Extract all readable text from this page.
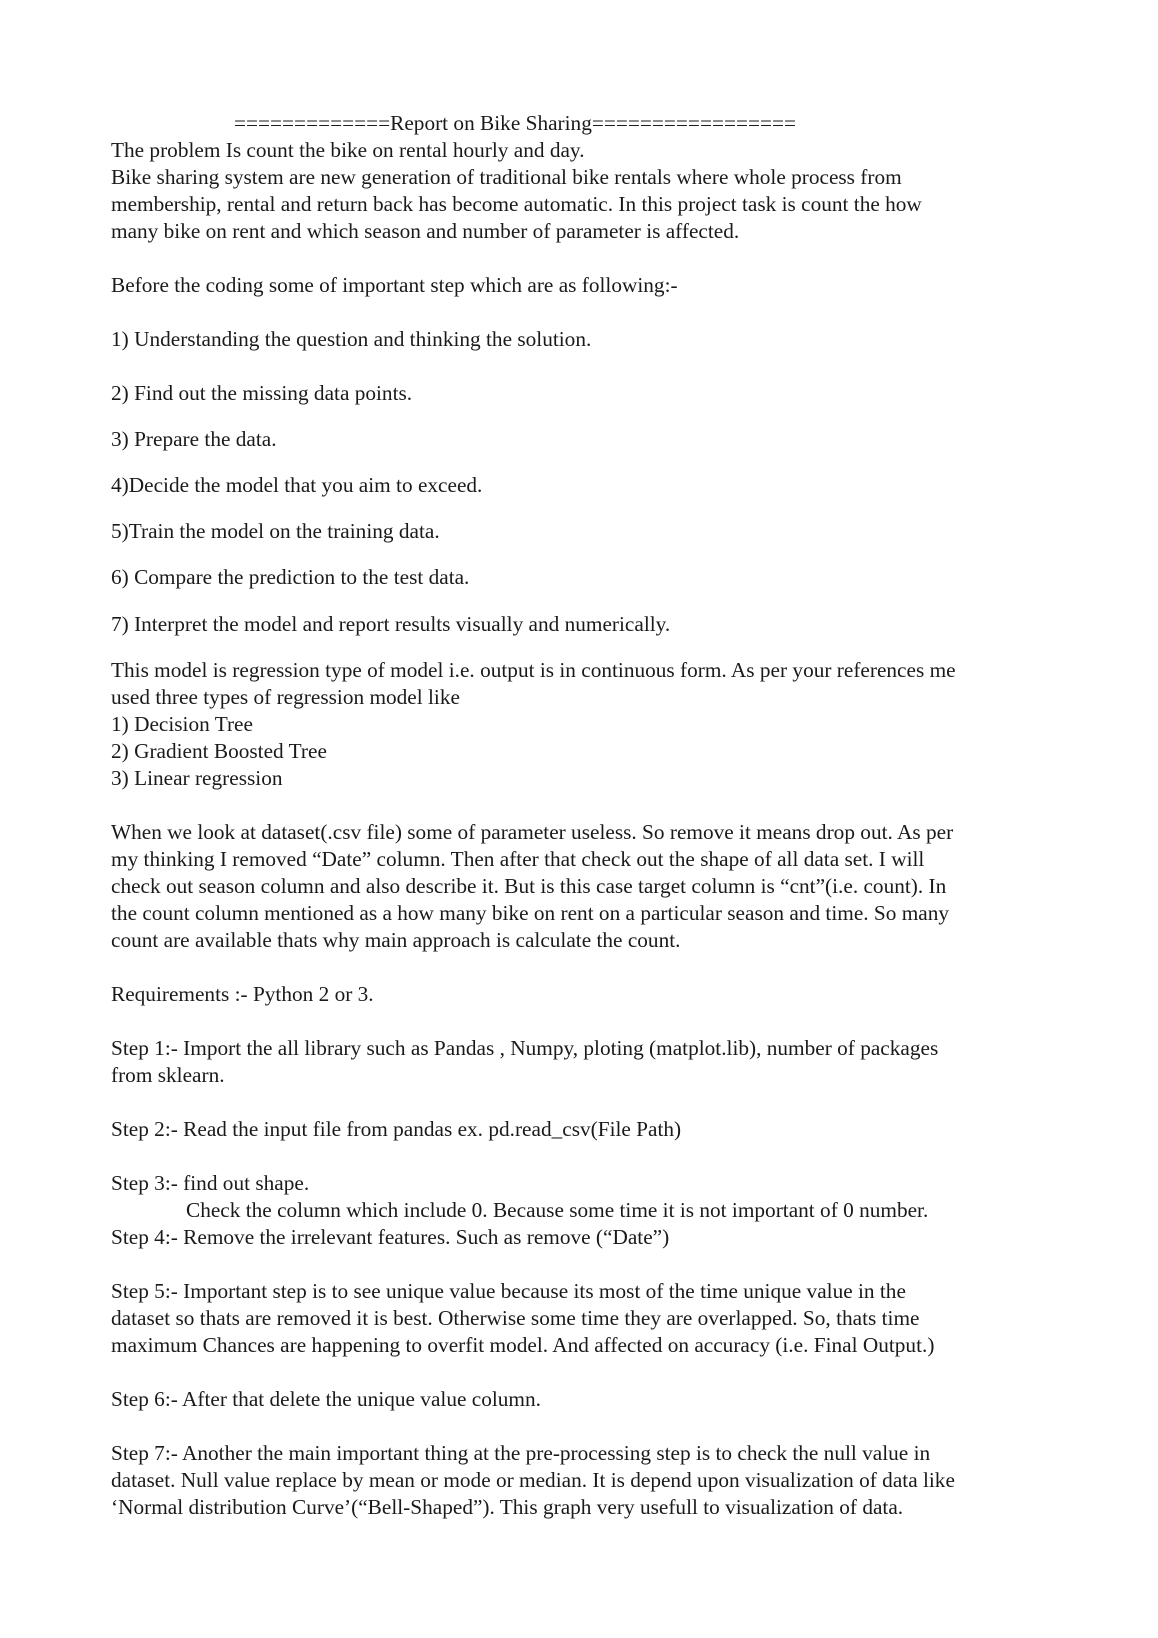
=============Report on Bike Sharing=================
The problem Is count the bike on rental hourly and day.
Bike sharing system are new generation of traditional bike rentals where whole process from
membership, rental and return back has become automatic. In this project task is count the how
many bike on rent and which season and number of parameter is affected.
Before the coding some of important step which are as following:-
1) Understanding the question and thinking the solution.
2) Find out the missing data points.
3) Prepare the data.
4)Decide the model that you aim to exceed.
5)Train the model on the training data.
6) Compare the prediction to the test data.
7) Interpret the model and report results visually and numerically.
This model is regression type of model i.e. output is in continuous form. As per your references me
used three types of regression model like
1) Decision Tree
2) Gradient Boosted Tree
3) Linear regression
When we look at dataset(.csv file) some of parameter useless. So remove it means drop out. As per
my thinking I removed “Date” column. Then after that check out the shape of all data set. I will
check out season column and also describe it. But is this case target column is “cnt”(i.e. count). In
the count column mentioned as a how many bike on rent on a particular season and time. So many
count are available thats why main approach is calculate the count.
Requirements :- Python 2 or 3.
Step 1:- Import the all library such as Pandas , Numpy, ploting (matplot.lib), number of packages
from sklearn.
Step 2:- Read the input file from pandas ex. pd.read_csv(File Path)
Step 3:- find out shape.
Check the column which include 0. Because some time it is not important of 0 number.
Step 4:- Remove the irrelevant features. Such as remove (“Date”)
Step 5:- Important step is to see unique value because its most of the time unique value in the
dataset so thats are removed it is best. Otherwise some time they are overlapped. So, thats time
maximum Chances are happening to overfit model. And affected on accuracy (i.e. Final Output.)
Step 6:- After that delete the unique value column.
Step 7:- Another the main important thing at the pre-processing step is to check the null value in
dataset. Null value replace by mean or mode or median. It is depend upon visualization of data like
‘Normal distribution Curve’(“Bell-Shaped”). This graph very usefull to visualization of data.
